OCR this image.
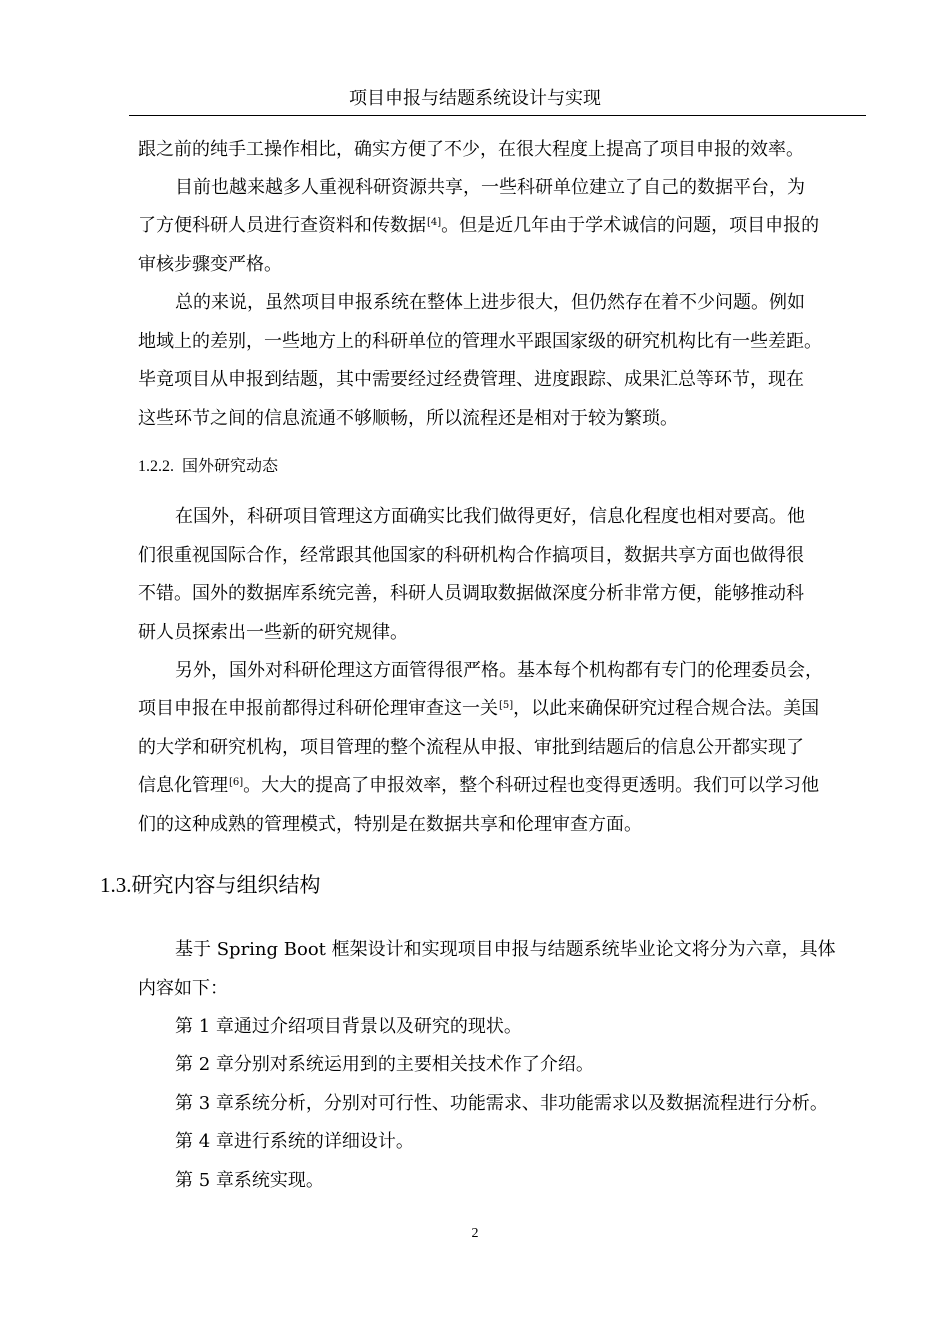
项目申报与结题系统设计与实现
跟之前的纯手工操作相比，确实方便了不少，在很大程度上提高了项目申报的效率。
目前也越来越多人重视科研资源共享，一些科研单位建立了自己的数据平台，为
了方便科研人员进行查资料和传数据[4]。但是近几年由于学术诚信的问题，项目申报的
审核步骤变严格。
总的来说，虽然项目申报系统在整体上进步很大，但仍然存在着不少问题。例如
地域上的差别，一些地方上的科研单位的管理水平跟国家级的研究机构比有一些差距。
毕竟项目从申报到结题，其中需要经过经费管理、进度跟踪、成果汇总等环节，现在
这些环节之间的信息流通不够顺畅，所以流程还是相对于较为繁琐。
1.2.2. 国外研究动态
在国外，科研项目管理这方面确实比我们做得更好，信息化程度也相对要高。他
们很重视国际合作，经常跟其他国家的科研机构合作搞项目，数据共享方面也做得很
不错。国外的数据库系统完善，科研人员调取数据做深度分析非常方便，能够推动科
研人员探索出一些新的研究规律。
另外，国外对科研伦理这方面管得很严格。基本每个机构都有专门的伦理委员会，
项目申报在申报前都得过科研伦理审查这一关[5]，以此来确保研究过程合规合法。美国
的大学和研究机构，项目管理的整个流程从申报、审批到结题后的信息公开都实现了
信息化管理[6]。大大的提高了申报效率，整个科研过程也变得更透明。我们可以学习他
们的这种成熟的管理模式，特别是在数据共享和伦理审查方面。
1.3.研究内容与组织结构
基于 Spring Boot 框架设计和实现项目申报与结题系统毕业论文将分为六章，具体
内容如下：
第 1 章通过介绍项目背景以及研究的现状。
第 2 章分别对系统运用到的主要相关技术作了介绍。
第 3 章系统分析，分别对可行性、功能需求、非功能需求以及数据流程进行分析。
第 4 章进行系统的详细设计。
第 5 章系统实现。
2
